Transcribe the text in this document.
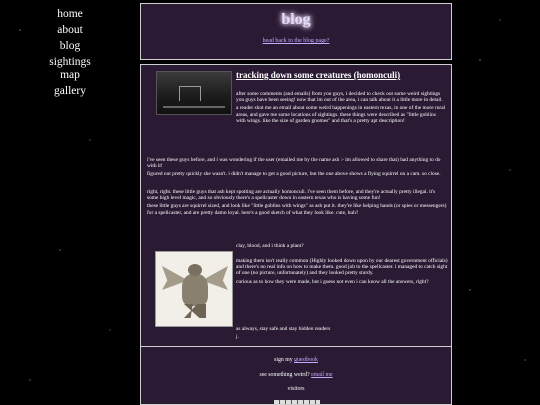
home
about
blog
sightings
map
gallery
blog
head back to the blog page?
tracking down some creatures (homonculi)

after some comments (and emails) from you guys, i decided to check out some weird sightings you guys have been seeing! now that im out of the area, i can talk about it a little more in detail.

a reader shot me an email about some weird happenings in eastern texas, in one of the more rural areas, and gave me some locations of sightings. these things were described as "little goblins with wings. like the size of garden gnomes" and that's a pretty apt description!

i've seen these guys before, and i was wondering if the user (emailed me by the name ash :- im allowed to share that) had anything to do with it!

figured out pretty quickly she wasn't. i didn't manage to get a good picture, but the one above shows a flying squirrel on a cam. so close.

right, right. these little guys that ash kept spotting are actually homonculi. i've seen them before, and they're actually pretty illegal. it's some high level magic, and so obviously there's a spellcaster down in eastern texas who is having some fun!

these little guys are squirrel sized, and look like "little goblins with wings" as ash put it. they're like helping hands (or spies or messengers) for a spellcaster, and are pretty damn loyal. here's a good sketch of what they look like. cute, huh?

clay, blood, and i think a plant?

making them isn't really common (Highly looked down upon by our dearest government officials) and there's no real info on how to make them. good job to the spellcaster. i managed to catch sight of one (no picture, unfortunately) and they looked pretty sturdy.

curious as to how they were made, but i guess not even i can know all the answers, right?

as always, stay safe and stay hidden readers

j.

sign my guestbook
see something weird? email me
visitors
